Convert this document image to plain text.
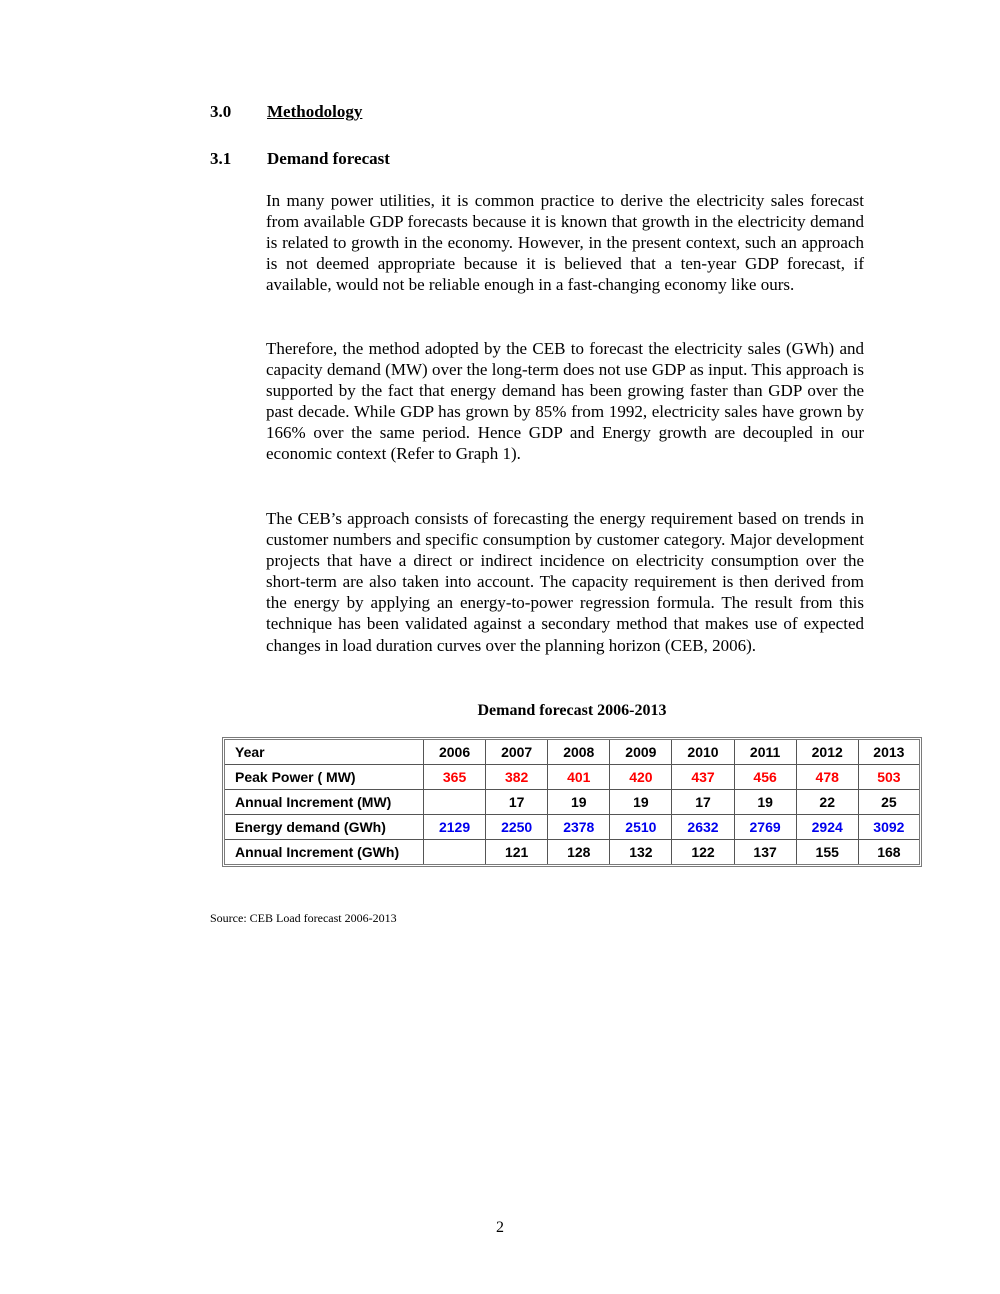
3.0 Methodology
3.1 Demand forecast

In many power utilities, it is common practice to derive the electricity sales forecast from available GDP forecasts because it is known that growth in the electricity demand is related to growth in the economy. However, in the present context, such an approach is not deemed appropriate because it is believed that a ten-year GDP forecast, if available, would not be reliable enough in a fast-changing economy like ours.

Therefore, the method adopted by the CEB to forecast the electricity sales (GWh) and capacity demand (MW) over the long-term does not use GDP as input. This approach is supported by the fact that energy demand has been growing faster than GDP over the past decade. While GDP has grown by 85% from 1992, electricity sales have grown by 166% over the same period. Hence GDP and Energy growth are decoupled in our economic context (Refer to Graph 1).

The CEB’s approach consists of forecasting the energy requirement based on trends in customer numbers and specific consumption by customer category. Major development projects that have a direct or indirect incidence on electricity consumption over the short-term are also taken into account. The capacity requirement is then derived from the energy by applying an energy-to-power regression formula. The result from this technique has been validated against a secondary method that makes use of expected changes in load duration curves over the planning horizon (CEB, 2006).

Demand forecast 2006-2013
Year	2006	2007	2008	2009	2010	2011	2012	2013
Peak Power ( MW)	365	382	401	420	437	456	478	503
Annual Increment (MW)		17	19	19	17	19	22	25
Energy demand (GWh)	2129	2250	2378	2510	2632	2769	2924	3092
Annual Increment (GWh)		121	128	132	122	137	155	168
Source: CEB Load forecast 2006-2013
2
